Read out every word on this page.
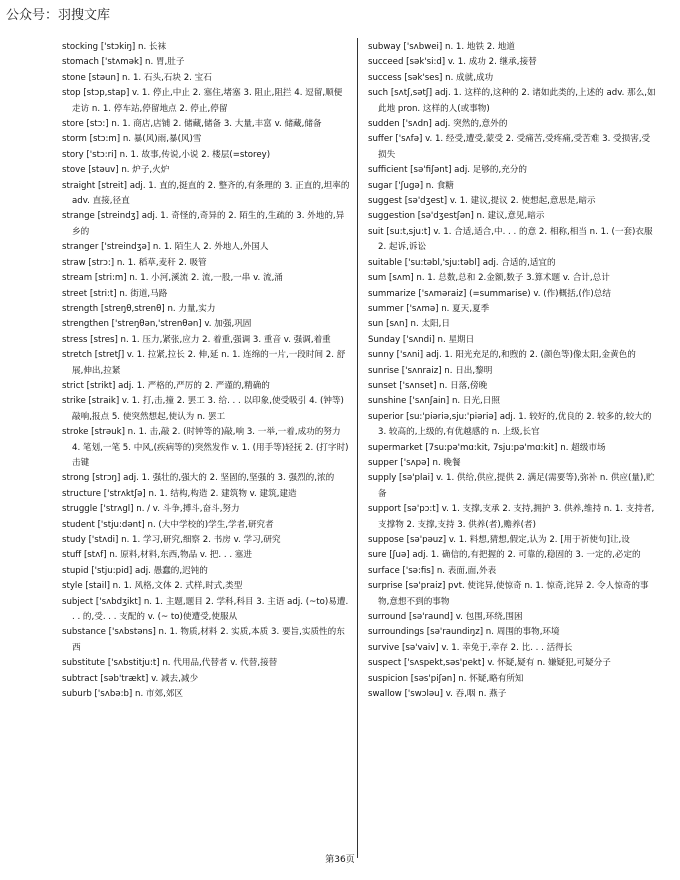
公众号：羽搜文库

stocking ['stɔkiŋ] n. 长袜

stomach ['stʌmək] n. 胃,肚子

stone [stəun] n. 1. 石头,石块 2. 宝石

stop [stɔp,stap] v. 1. 停止,中止 2. 塞住,堵塞 3. 阻止,阻拦 4. 逗留,顺便走访 n. 1. 停车站,停留地点 2. 停止,停留

store [stɔ:] n. 1. 商店,店铺 2. 储藏,储备 3. 大量,丰富 v. 储藏,储备

storm [stɔ:m] n. 暴(风)雨,暴(风)雪

story ['stɔ:ri] n. 1. 故事,传说,小说 2. 楼层(=storey)

stove [stəuv] n. 炉子,火炉

straight [streit] adj. 1. 直的,挺直的 2. 整齐的,有条理的 3. 正直的,坦率的 adv. 直接,径直

strange [streindʒ] adj. 1. 奇怪的,奇异的 2. 陌生的,生疏的 3. 外地的,异乡的

stranger ['streindʒə] n. 1. 陌生人 2. 外地人,外国人

straw [strɔ:] n. 1. 稻草,麦秆 2. 吸管

stream [stri:m] n. 1. 小河,溪流 2. 流,一股,一串 v. 流,涌

street [stri:t] n. 街道,马路

strength [streŋθ,strenθ] n. 力量,实力

strengthen ['streŋθən,'strenθən] v. 加强,巩固

stress [stres] n. 1. 压力,紧张,应力 2. 着重,强调 3. 重音 v. 强调,着重

stretch [stretʃ] v. 1. 拉紧,拉长 2. 伸,延 n. 1. 连绵的一片,一段时间 2. 舒展,伸出,拉紧

strict [strikt] adj. 1. 严格的,严厉的 2. 严谨的,精确的

strike [straik] v. 1. 打,击,撞 2. 罢工 3. 给. . . 以印象,使受吸引 4. (钟等)敲响,报点 5. 使突然想起,使认为 n. 罢工

stroke [strəuk] n. 1. 击,敲 2. (时钟等的)敲,响 3. 一举,一着,成功的努力 4. 笔划,一笔 5. 中风,(疾病等的)突然发作 v. 1. (用手等)轻抚 2. (打字时)击键

strong [strɔŋ] adj. 1. 强壮的,强大的 2. 坚固的,坚强的 3. 强烈的,浓的

structure ['strʌktʃə] n. 1. 结构,构造 2. 建筑物 v. 建筑,建造

struggle ['strʌgl] n. / v. 斗争,搏斗,奋斗,努力

student ['stju:dənt] n. (大中学校的)学生,学者,研究者

study ['stʌdi] n. 1. 学习,研究,细察 2. 书房 v. 学习,研究

stuff [stʌf] n. 原料,材料,东西,物品 v. 把. . . 塞进

stupid ['stju:pid] adj. 愚蠢的,迟钝的

style [stail] n. 1. 风格,文体 2. 式样,时式,类型

subject ['sʌbdʒikt] n. 1. 主题,题目 2. 学科,科目 3. 主语 adj. (~to)易遭. . . 的,受. . . 支配的 v. (~ to)使遭受,使服从

substance ['sʌbstəns] n. 1. 物质,材料 2. 实质,本质 3. 要旨,实质性的东西

substitute ['sʌbstitju:t] n. 代用品,代替者 v. 代替,接替

subtract [səb'trækt] v. 减去,减少

suburb ['sʌbə:b] n. 市郊,郊区

subway ['sʌbwei] n. 1. 地铁 2. 地道

succeed [sək'si:d] v. 1. 成功 2. 继承,接替

success [sək'ses] n. 成就,成功

such [sʌtʃ,sətʃ] adj. 1. 这样的,这种的 2. 诸如此类的,上述的 adv. 那么,如此地 pron. 这样的人(或事物)

sudden ['sʌdn] adj. 突然的,意外的

suffer ['sʌfə] v. 1. 经受,遭受,蒙受 2. 受痛苦,受疼痛,受苦难 3. 受损害,受损失

sufficient [sə'fiʃənt] adj. 足够的,充分的

sugar ['ʃugə] n. 食糖

suggest [sə'dʒest] v. 1. 建议,提议 2. 使想起,意思是,暗示

suggestion [sə'dʒestʃən] n. 建议,意见,暗示

suit [su:t,sju:t] v. 1. 合适,适合,中. . . 的意 2. 相称,相当 n. 1. (一套)衣服 2. 起诉,诉讼

suitable ['su:təbl,'sju:təbl] adj. 合适的,适宜的

sum [sʌm] n. 1. 总数,总和 2.金额,数子 3.算术题 v. 合计,总计

summarize ['sʌməraiz] (=summarise) v. (作)概括,(作)总结

summer ['sʌmə] n. 夏天,夏季

sun [sʌn] n. 太阳,日

Sunday ['sʌndi] n. 星期日

sunny ['sʌni] adj. 1. 阳光充足的,和煦的 2. (颜色等)像太阳,金黄色的

sunrise ['sʌnraiz] n. 日出,黎明

sunset ['sʌnset] n. 日落,傍晚

sunshine ['sʌnʃain] n. 日光,日照

superior [su:'piəriə,sju:'piəriə] adj. 1. 较好的,优良的 2. 较多的,较大的 3. 较高的,上级的,有优越感的 n. 上级,长官

supermarket [7su:pə'mɑ:kit, 7sju:pə'mɑ:kit] n. 超级市场

supper ['sʌpə] n. 晚餐

supply [sə'plai] v. 1. 供给,供应,提供 2. 满足(需要等),弥补 n. 供应(量),贮备

support [sə'pɔ:t] v. 1. 支撑,支承 2. 支持,拥护 3. 供养,维持 n. 1. 支持者,支撑物 2. 支撑,支持 3. 供养(者),赡养(者)

suppose [sə'pəuz] v. 1. 料想,猜想,假定,认为 2. [用于祈使句]让,设

sure [ʃuə] adj. 1. 确信的,有把握的 2. 可靠的,稳固的 3. 一定的,必定的

surface ['sə:fis] n. 表面,面,外表

surprise [sə'praiz] pvt. 使诧异,使惊奇 n. 1. 惊奇,诧异 2. 令人惊奇的事物,意想不到的事物

surround [sə'raund] v. 包围,环绕,围困

surroundings [sə'raundiŋz] n. 周围的事物,环境

survive [sə'vaiv] v. 1. 幸免于,幸存 2. 比. . . 活得长

suspect ['sʌspekt,səs'pekt] v. 怀疑,疑有 n. 嫌疑犯,可疑分子

suspicion [səs'piʃən] n. 怀疑,略有所知

swallow ['swɔləu] v. 吞,咽 n. 燕子

第36页
